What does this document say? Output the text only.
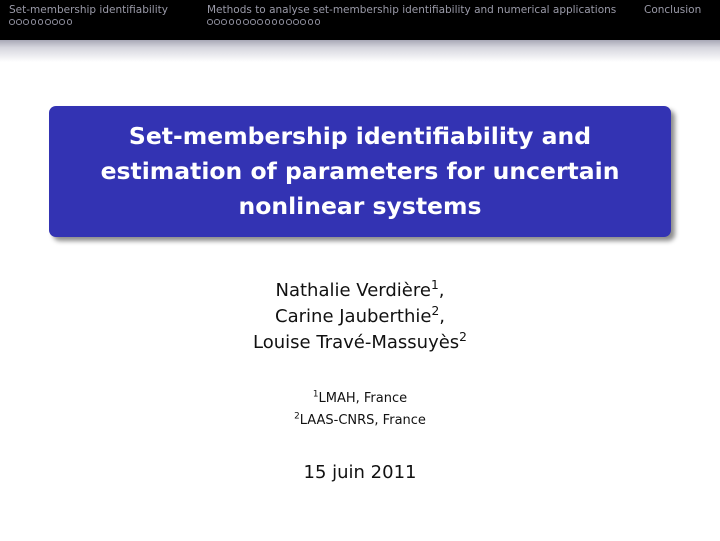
Set-membership identifiability	Methods to analyse set-membership identifiability and numerical applications	Conclusion
Set-membership identifiability and
estimation of parameters for uncertain
nonlinear systems
Nathalie Verdière$^1$,
Carine Jauberthie$^2$,
Louise Travé-Massuyès$^2$
$^1$LMAH, France
$^2$LAAS-CNRS, France
15 juin 2011
